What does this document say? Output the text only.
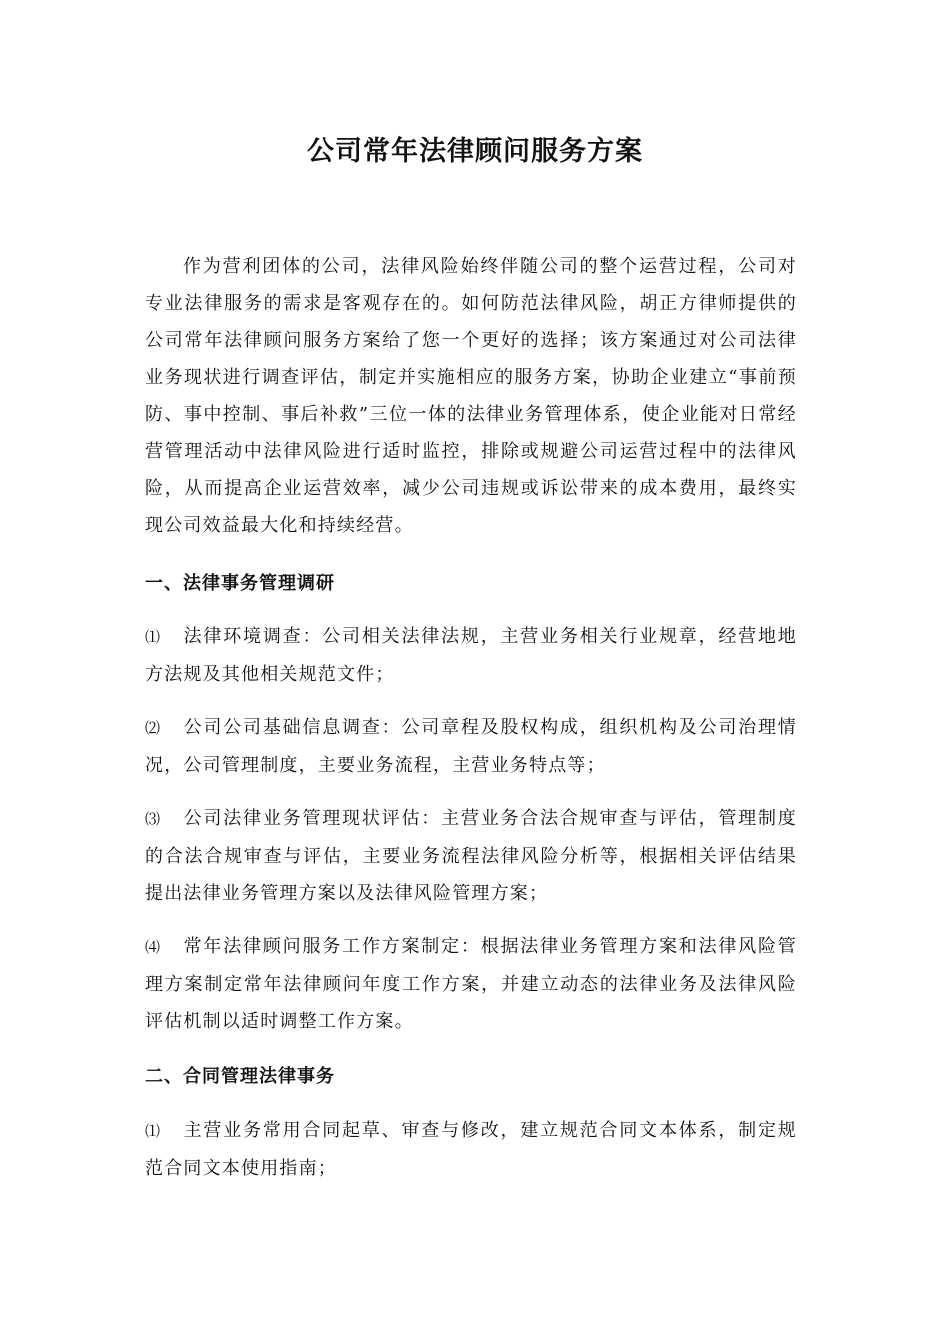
公司常年法律顾问服务方案

作为营利团体的公司，法律风险始终伴随公司的整个运营过程，公司对专业法律服务的需求是客观存在的。如何防范法律风险，胡正方律师提供的公司常年法律顾问服务方案给了您一个更好的选择；该方案通过对公司法律业务现状进行调查评估，制定并实施相应的服务方案，协助企业建立“事前预防、事中控制、事后补救”三位一体的法律业务管理体系，使企业能对日常经营管理活动中法律风险进行适时监控，排除或规避公司运营过程中的法律风险，从而提高企业运营效率，减少公司违规或诉讼带来的成本费用，最终实现公司效益最大化和持续经营。

一、法律事务管理调研

⑴ 法律环境调查：公司相关法律法规，主营业务相关行业规章，经营地地方法规及其他相关规范文件；

⑵ 公司公司基础信息调查：公司章程及股权构成，组织机构及公司治理情况，公司管理制度，主要业务流程，主营业务特点等；

⑶ 公司法律业务管理现状评估：主营业务合法合规审查与评估，管理制度的合法合规审查与评估，主要业务流程法律风险分析等，根据相关评估结果提出法律业务管理方案以及法律风险管理方案；

⑷ 常年法律顾问服务工作方案制定：根据法律业务管理方案和法律风险管理方案制定常年法律顾问年度工作方案，并建立动态的法律业务及法律风险评估机制以适时调整工作方案。

二、合同管理法律事务

⑴ 主营业务常用合同起草、审查与修改，建立规范合同文本体系，制定规范合同文本使用指南；
